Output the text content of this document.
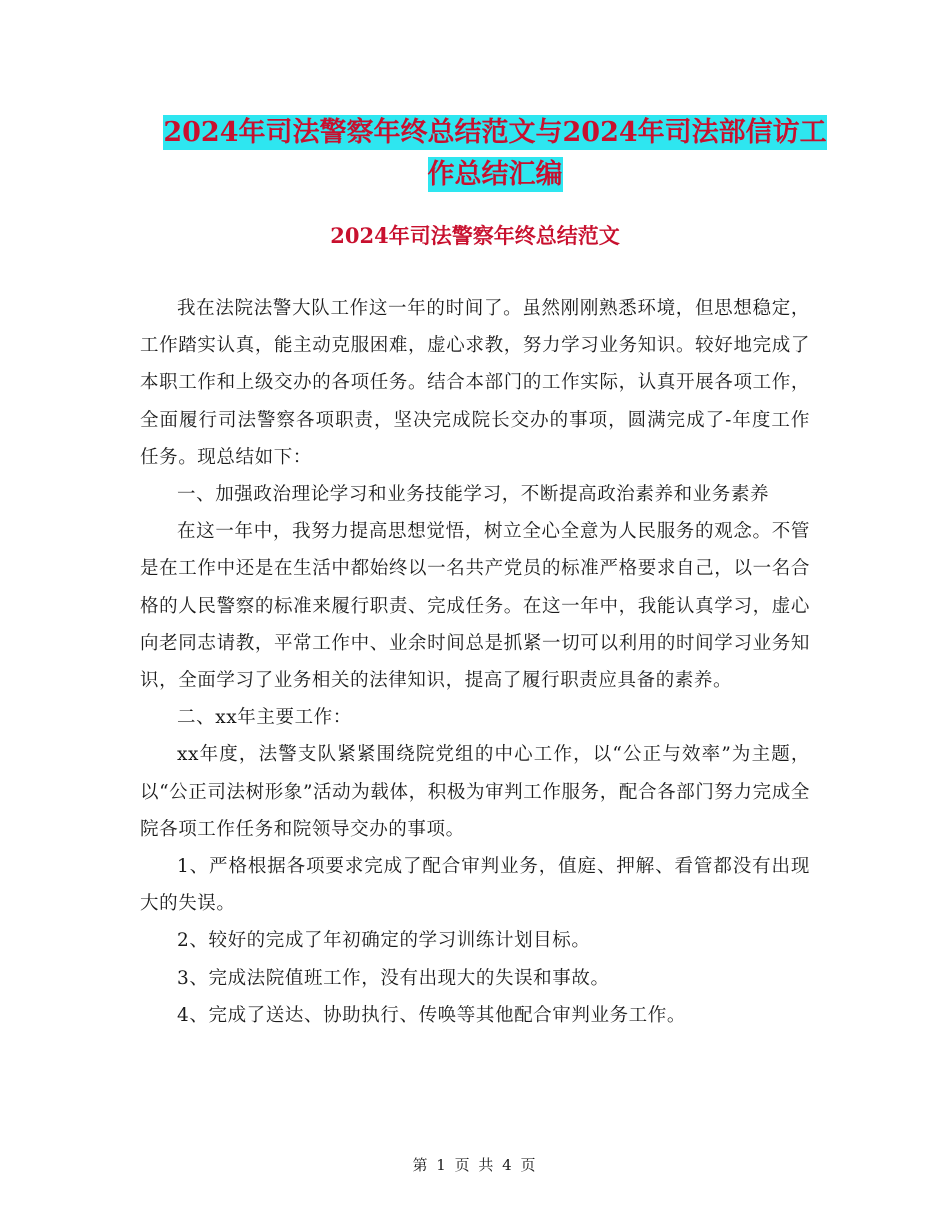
2024年司法警察年终总结范文与2024年司法部信访工
作总结汇编
2024年司法警察年终总结范文

我在法院法警大队工作这一年的时间了。虽然刚刚熟悉环境，但思想稳定，工作踏实认真，能主动克服困难，虚心求教，努力学习业务知识。较好地完成了本职工作和上级交办的各项任务。结合本部门的工作实际，认真开展各项工作，全面履行司法警察各项职责，坚决完成院长交办的事项，圆满完成了-年度工作任务。现总结如下：

一、加强政治理论学习和业务技能学习，不断提高政治素养和业务素养

在这一年中，我努力提高思想觉悟，树立全心全意为人民服务的观念。不管是在工作中还是在生活中都始终以一名共产党员的标准严格要求自己，以一名合格的人民警察的标准来履行职责、完成任务。在这一年中，我能认真学习，虚心向老同志请教，平常工作中、业余时间总是抓紧一切可以利用的时间学习业务知识，全面学习了业务相关的法律知识，提高了履行职责应具备的素养。

二、xx年主要工作：

xx年度，法警支队紧紧围绕院党组的中心工作，以“公正与效率”为主题，以“公正司法树形象”活动为载体，积极为审判工作服务，配合各部门努力完成全院各项工作任务和院领导交办的事项。

1、严格根据各项要求完成了配合审判业务，值庭、押解、看管都没有出现大的失误。

2、较好的完成了年初确定的学习训练计划目标。

3、完成法院值班工作，没有出现大的失误和事故。

4、完成了送达、协助执行、传唤等其他配合审判业务工作。

第 1 页 共 4 页
